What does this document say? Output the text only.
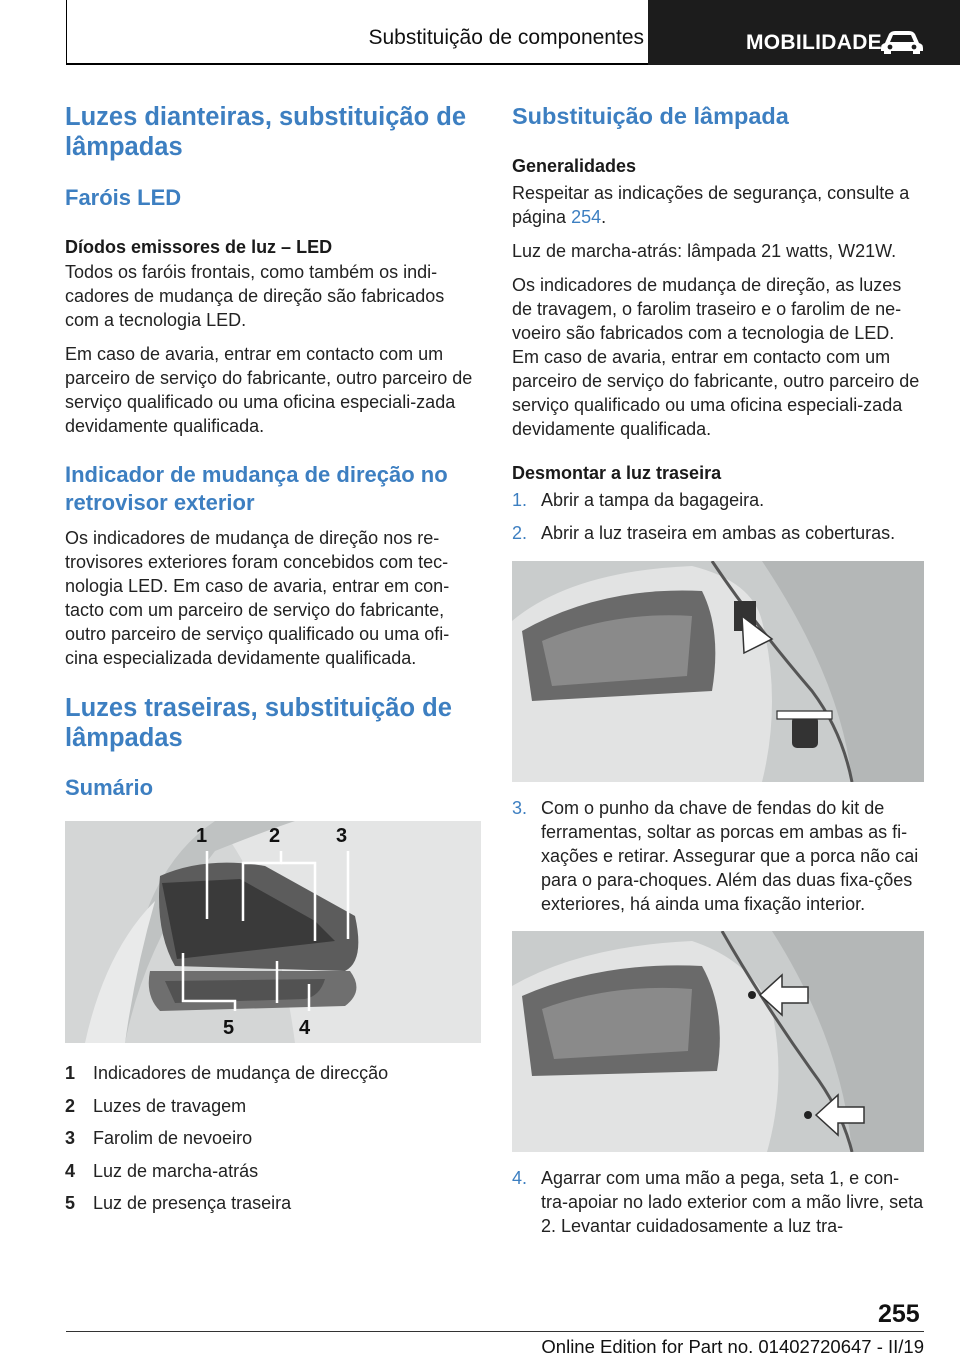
Substituição de componentes	MOBILIDADE
Luzes dianteiras, substituição de lâmpadas
Faróis LED
Díodos emissores de luz – LED

Todos os faróis frontais, como também os indi-cadores de mudança de direção são fabricados com a tecnologia LED.

Em caso de avaria, entrar em contacto com um parceiro de serviço do fabricante, outro parceiro de serviço qualificado ou uma oficina especiali-zada devidamente qualificada.

Indicador de mudança de direção no retrovisor exterior

Os indicadores de mudança de direção nos re-trovisores exteriores foram concebidos com tec-nologia LED. Em caso de avaria, entrar em con-tacto com um parceiro de serviço do fabricante, outro parceiro de serviço qualificado ou uma ofi-cina especializada devidamente qualificada.

Luzes traseiras, substituição de lâmpadas
Sumário
1	2	3
4
5
1 Indicadores de mudança de direcção
2 Luzes de travagem
3 Farolim de nevoeiro
4 Luz de marcha-atrás
5 Luz de presença traseira
Substituição de lâmpada
Generalidades

Respeitar as indicações de segurança, consulte a página 254.

Luz de marcha-atrás: lâmpada 21 watts, W21W.

Os indicadores de mudança de direção, as luzes de travagem, o farolim traseiro e o farolim de ne-voeiro são fabricados com a tecnologia de LED. Em caso de avaria, entrar em contacto com um parceiro de serviço do fabricante, outro parceiro de serviço qualificado ou uma oficina especiali-zada devidamente qualificada.

Desmontar a luz traseira
1. Abrir a tampa da bagageira.
2. Abrir a luz traseira em ambas as coberturas.
3. Com o punho da chave de fendas do kit de ferramentas, soltar as porcas em ambas as fi-xações e retirar. Assegurar que a porca não cai para o para-choques. Além das duas fixa-ções exteriores, há ainda uma fixação interior.
4. Agarrar com uma mão a pega, seta 1, e con-tra-apoiar no lado exterior com a mão livre, seta 2. Levantar cuidadosamente a luz tra-
255
Online Edition for Part no. 01402720647 - II/19
